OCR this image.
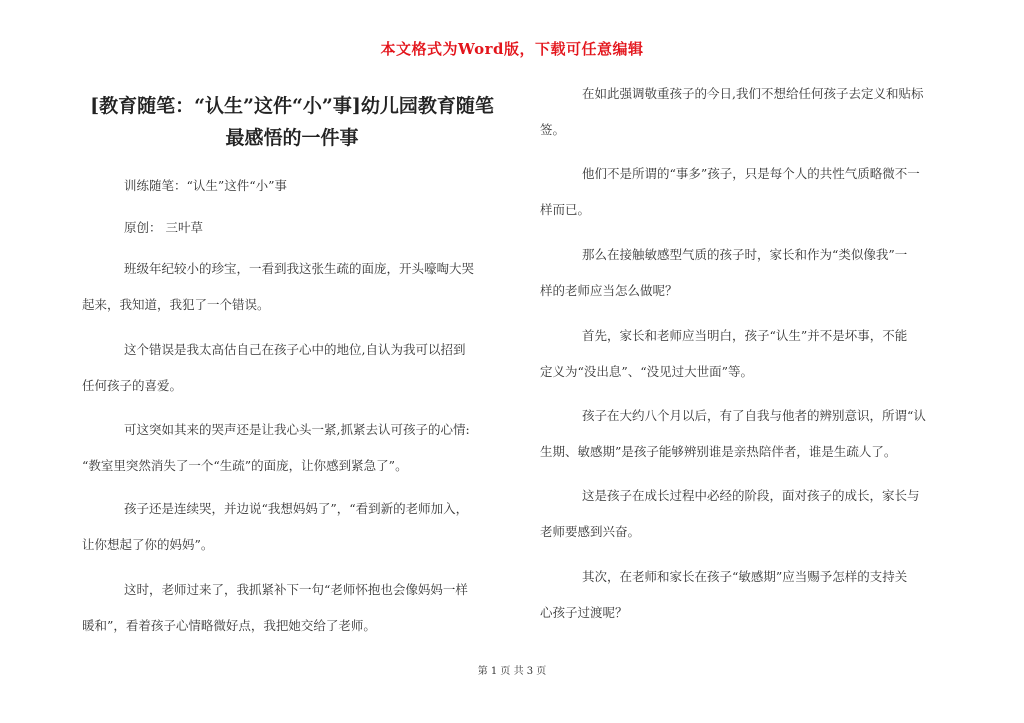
本文格式为Word版，下载可任意编辑
[教育随笔：“认生”这件“小”事]幼儿园教育随笔
最感悟的一件事
训练随笔：“认生”这件“小”事
原创： 三叶草
班级年纪较小的珍宝，一看到我这张生疏的面庞，开头嚎啕大哭
起来，我知道，我犯了一个错误。
这个错误是我太高估自己在孩子心中的地位,自认为我可以招到
任何孩子的喜爱。
可这突如其来的哭声还是让我心头一紧,抓紧去认可孩子的心情:
“教室里突然消失了一个“生疏”的面庞，让你感到紧急了”。
孩子还是连续哭，并边说“我想妈妈了”，“看到新的老师加入，
让你想起了你的妈妈”。
这时，老师过来了，我抓紧补下一句“老师怀抱也会像妈妈一样
暖和”，看着孩子心情略微好点，我把她交给了老师。
在如此强调敬重孩子的今日,我们不想给任何孩子去定义和贴标
签。
他们不是所谓的“事多”孩子，只是每个人的共性气质略微不一
样而已。
那么在接触敏感型气质的孩子时，家长和作为“类似像我”一
样的老师应当怎么做呢？
首先，家长和老师应当明白，孩子“认生”并不是坏事，不能
定义为“没出息”、“没见过大世面”等。
孩子在大约八个月以后，有了自我与他者的辨别意识，所谓“认
生期、敏感期”是孩子能够辨别谁是亲热陪伴者，谁是生疏人了。
这是孩子在成长过程中必经的阶段，面对孩子的成长，家长与
老师要感到兴奋。
其次，在老师和家长在孩子“敏感期”应当赐予怎样的支持关
心孩子过渡呢？
第 1 页 共 3 页
